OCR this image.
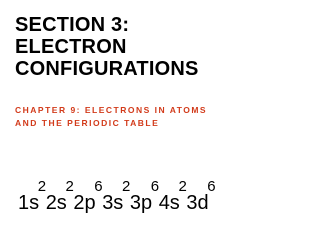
SECTION 3:
ELECTRON
CONFIGURATIONS
CHAPTER 9: ELECTRONS IN ATOMS
AND THE PERIODIC TABLE
1s
2
2s
2
2p
6
3s
2
3p
6
4s
2
3d
6
